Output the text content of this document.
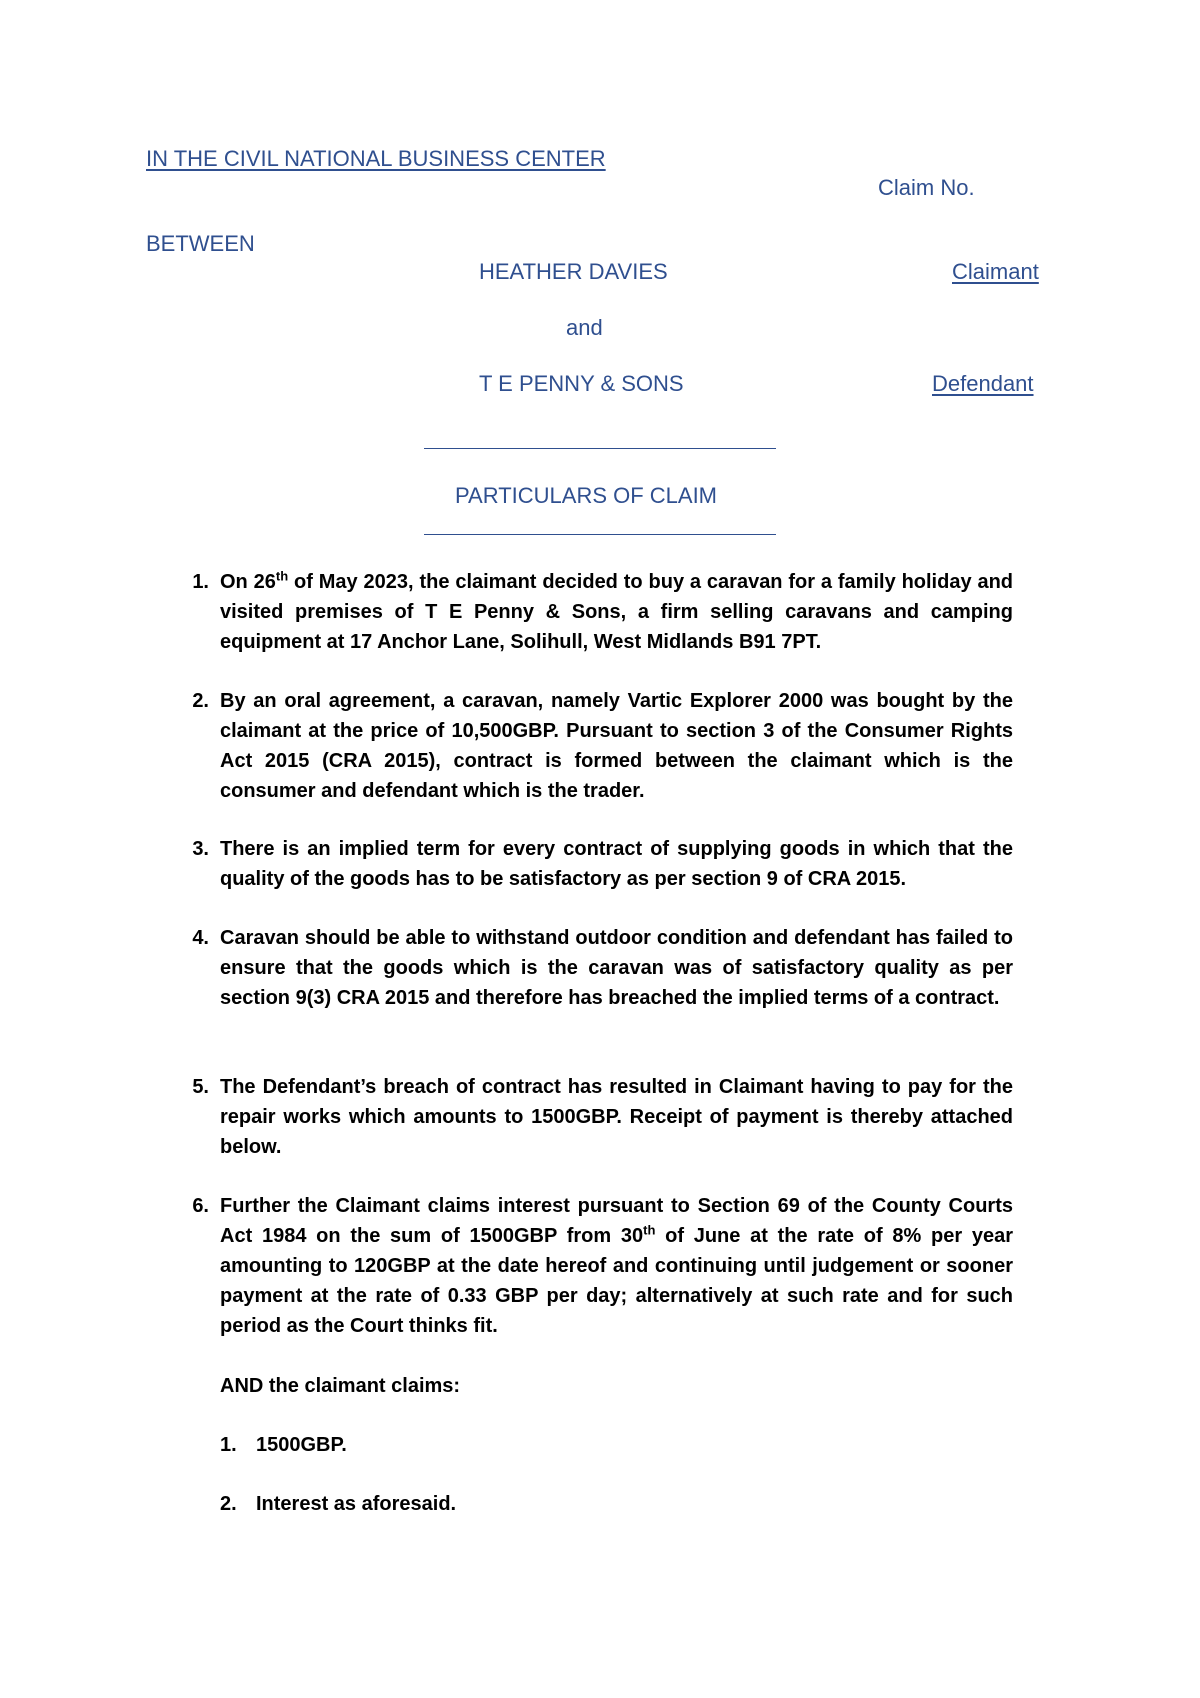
IN THE CIVIL NATIONAL BUSINESS CENTER
Claim No.
BETWEEN
HEATHER DAVIES	Claimant
and
T E PENNY & SONS	Defendant
PARTICULARS OF CLAIM
1. On 26th of May 2023, the claimant decided to buy a caravan for a family holiday and visited premises of T E Penny & Sons, a firm selling caravans and camping equipment at 17 Anchor Lane, Solihull, West Midlands B91 7PT.
2. By an oral agreement, a caravan, namely Vartic Explorer 2000 was bought by the claimant at the price of 10,500GBP. Pursuant to section 3 of the Consumer Rights Act 2015 (CRA 2015), contract is formed between the claimant which is the consumer and defendant which is the trader.
3. There is an implied term for every contract of supplying goods in which that the quality of the goods has to be satisfactory as per section 9 of CRA 2015.
4. Caravan should be able to withstand outdoor condition and defendant has failed to ensure that the goods which is the caravan was of satisfactory quality as per section 9(3) CRA 2015 and therefore has breached the implied terms of a contract.
5. The Defendant’s breach of contract has resulted in Claimant having to pay for the repair works which amounts to 1500GBP. Receipt of payment is thereby attached below.
6. Further the Claimant claims interest pursuant to Section 69 of the County Courts Act 1984 on the sum of 1500GBP from 30th of June at the rate of 8% per year amounting to 120GBP at the date hereof and continuing until judgement or sooner payment at the rate of 0.33 GBP per day; alternatively at such rate and for such period as the Court thinks fit.
AND the claimant claims:
1. 1500GBP.
2. Interest as aforesaid.
